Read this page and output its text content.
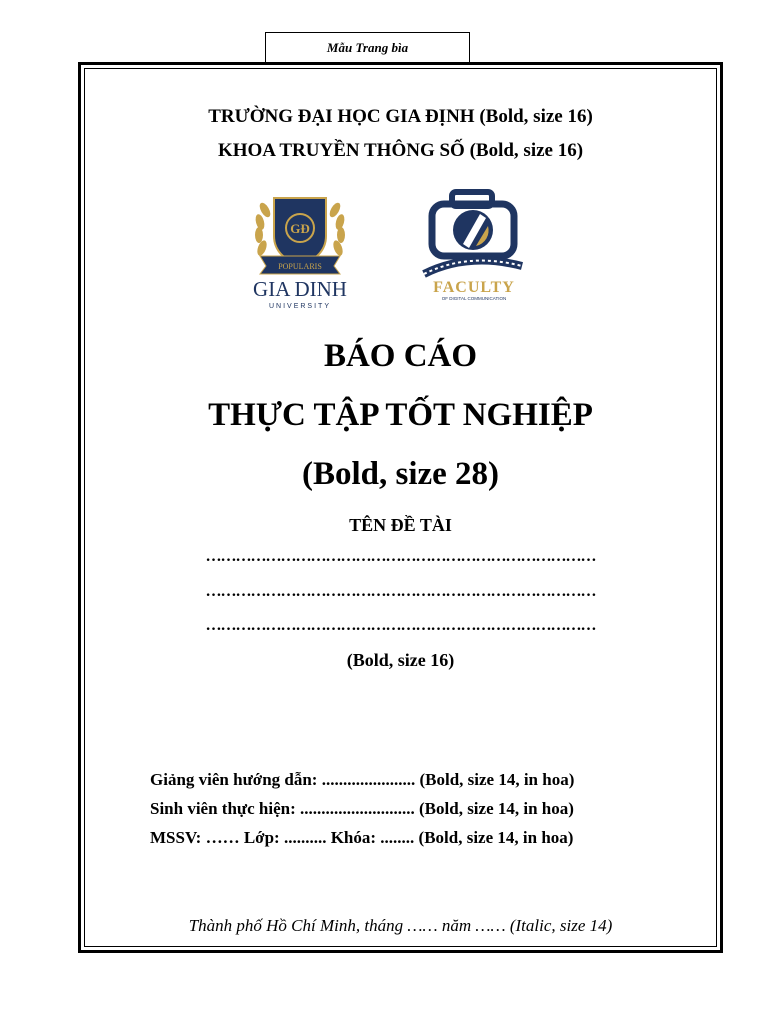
Mẫu Trang bìa
TRƯỜNG ĐẠI HỌC GIA ĐỊNH (Bold, size 16)
KHOA TRUYỀN THÔNG SỐ (Bold, size 16)
GĐ
POPULARIS
GIA DINH
UNIVERSITY
FACULTY
OF DIGITAL COMMUNICATION
BÁO CÁO
THỰC TẬP TỐT NGHIỆP
(Bold, size 28)
TÊN ĐỀ TÀI
……………………………………………………………………
……………………………………………………………………
……………………………………………………………………
(Bold, size 16)
Giảng viên hướng dẫn: ...................... (Bold, size 14, in hoa)
Sinh viên thực hiện: ........................... (Bold, size 14, in hoa)
MSSV: …… Lớp: .......... Khóa: ........ (Bold, size 14, in hoa)
Thành phố Hồ Chí Minh, tháng …… năm …… (Italic, size 14)
